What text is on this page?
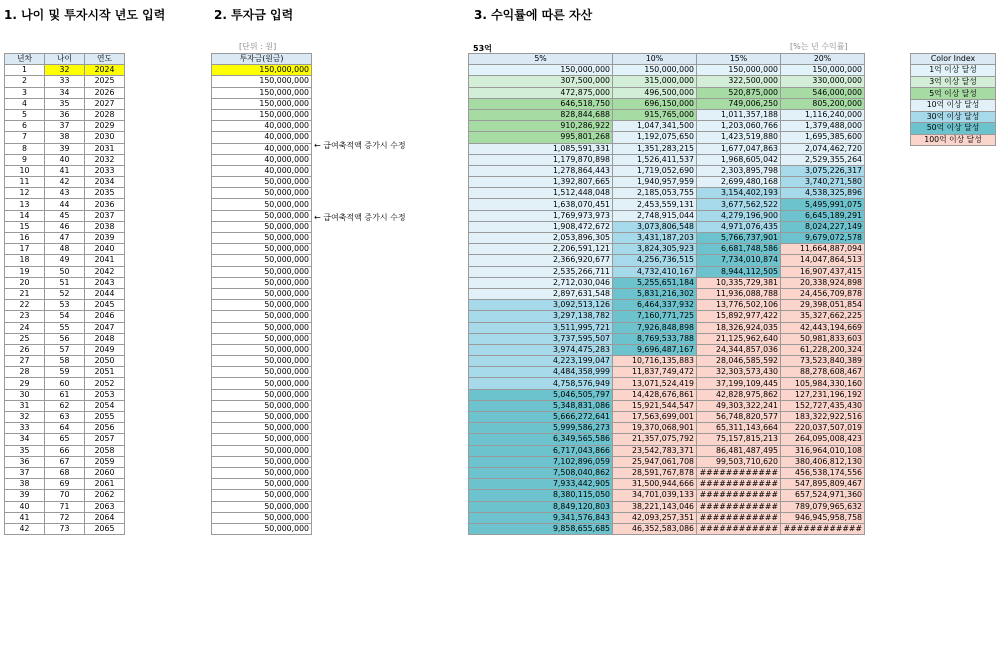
1. 나이 및 투자시작 년도 입력	2. 투자금 입력	3. 수익률에 따른 자산
[단위 : 원]	[%는 년 수익률]
53억
년차	나이	연도
1	32	2024
2	33	2025
3	34	2026
4	35	2027
5	36	2028
6	37	2029
7	38	2030
8	39	2031
9	40	2032
10	41	2033
11	42	2034
12	43	2035
13	44	2036
14	45	2037
15	46	2038
16	47	2039
17	48	2040
18	49	2041
19	50	2042
20	51	2043
21	52	2044
22	53	2045
23	54	2046
24	55	2047
25	56	2048
26	57	2049
27	58	2050
28	59	2051
29	60	2052
30	61	2053
31	62	2054
32	63	2055
33	64	2056
34	65	2057
35	66	2058
36	67	2059
37	68	2060
38	69	2061
39	70	2062
40	71	2063
41	72	2064
42	73	2065
투자금(원금)
150,000,000
150,000,000
150,000,000
150,000,000
150,000,000
40,000,000
40,000,000
40,000,000
40,000,000
40,000,000
50,000,000
50,000,000
50,000,000
50,000,000
50,000,000
50,000,000
50,000,000
50,000,000
50,000,000
50,000,000
50,000,000
50,000,000
50,000,000
50,000,000
50,000,000
50,000,000
50,000,000
50,000,000
50,000,000
50,000,000
50,000,000
50,000,000
50,000,000
50,000,000
50,000,000
50,000,000
50,000,000
50,000,000
50,000,000
50,000,000
50,000,000
50,000,000
← 급여축적액 증가시 수정
← 급여축적액 증가시 수정
5%	10%	15%	20%
150,000,000	150,000,000	150,000,000	150,000,000
307,500,000	315,000,000	322,500,000	330,000,000
472,875,000	496,500,000	520,875,000	546,000,000
646,518,750	696,150,000	749,006,250	805,200,000
828,844,688	915,765,000	1,011,357,188	1,116,240,000
910,286,922	1,047,341,500	1,203,060,766	1,379,488,000
995,801,268	1,192,075,650	1,423,519,880	1,695,385,600
1,085,591,331	1,351,283,215	1,677,047,863	2,074,462,720
1,179,870,898	1,526,411,537	1,968,605,042	2,529,355,264
1,278,864,443	1,719,052,690	2,303,895,798	3,075,226,317
1,392,807,665	1,940,957,959	2,699,480,168	3,740,271,580
1,512,448,048	2,185,053,755	3,154,402,193	4,538,325,896
1,638,070,451	2,453,559,131	3,677,562,522	5,495,991,075
1,769,973,973	2,748,915,044	4,279,196,900	6,645,189,291
1,908,472,672	3,073,806,548	4,971,076,435	8,024,227,149
2,053,896,305	3,431,187,203	5,766,737,901	9,679,072,578
2,206,591,121	3,824,305,923	6,681,748,586	11,664,887,094
2,366,920,677	4,256,736,515	7,734,010,874	14,047,864,513
2,535,266,711	4,732,410,167	8,944,112,505	16,907,437,415
2,712,030,046	5,255,651,184	10,335,729,381	20,338,924,898
2,897,631,548	5,831,216,302	11,936,088,788	24,456,709,878
3,092,513,126	6,464,337,932	13,776,502,106	29,398,051,854
3,297,138,782	7,160,771,725	15,892,977,422	35,327,662,225
3,511,995,721	7,926,848,898	18,326,924,035	42,443,194,669
3,737,595,507	8,769,533,788	21,125,962,640	50,981,833,603
3,974,475,283	9,696,487,167	24,344,857,036	61,228,200,324
4,223,199,047	10,716,135,883	28,046,585,592	73,523,840,389
4,484,358,999	11,837,749,472	32,303,573,430	88,278,608,467
4,758,576,949	13,071,524,419	37,199,109,445	105,984,330,160
5,046,505,797	14,428,676,861	42,828,975,862	127,231,196,192
5,348,831,086	15,921,544,547	49,303,322,241	152,727,435,430
5,666,272,641	17,563,699,001	56,748,820,577	183,322,922,516
5,999,586,273	19,370,068,901	65,311,143,664	220,037,507,019
6,349,565,586	21,357,075,792	75,157,815,213	264,095,008,423
6,717,043,866	23,542,783,371	86,481,487,495	316,964,010,108
7,102,896,059	25,947,061,708	99,503,710,620	380,406,812,130
7,508,040,862	28,591,767,878	############	456,538,174,556
7,933,442,905	31,500,944,666	############	547,895,809,467
8,380,115,050	34,701,039,133	############	657,524,971,360
8,849,120,803	38,221,143,046	############	789,079,965,632
9,341,576,843	42,093,257,351	############	946,945,958,758
9,858,655,685	46,352,583,086	############	############
Color Index
1억 이상 달성
3억 이상 달성
5억 이상 달성
10억 이상 달성
30억 이상 달성
50억 이상 달성
100억 이상 달성
